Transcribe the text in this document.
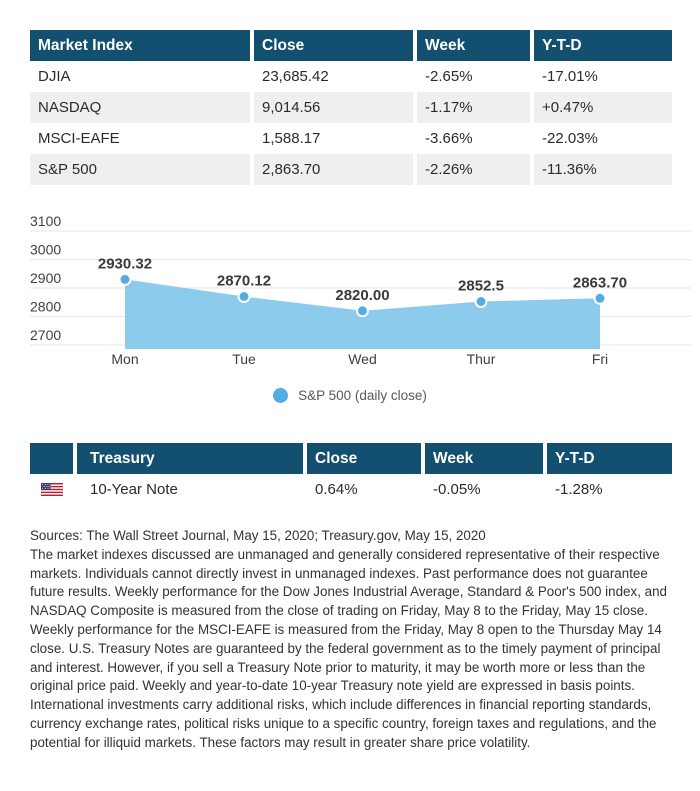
Market Index	Close	Week	Y-T-D
DJIA	23,685.42	-2.65%	-17.01%
NASDAQ	9,014.56	-1.17%	+0.47%
MSCI-EAFE	1,588.17	-3.66%	-22.03%
S&P 500	2,863.70	-2.26%	-11.36%
3100
3000
2900
2800
2700
2930.32
Mon
2870.12
Tue
2820.00
Wed
2852.5
Thur
2863.70
Fri
S&P 500 (daily close)
Treasury	Close	Week	Y-T-D
10-Year Note	0.64%	-0.05%	-1.28%
Sources: The Wall Street Journal, May 15, 2020; Treasury.gov, May 15, 2020
The market indexes discussed are unmanaged and generally considered representative of their respective markets. Individuals cannot directly invest in unmanaged indexes. Past performance does not guarantee future results. Weekly performance for the Dow Jones Industrial Average, Standard & Poor's 500 index, and NASDAQ Composite is measured from the close of trading on Friday, May 8 to the Friday, May 15 close. Weekly performance for the MSCI-EAFE is measured from the Friday, May 8 open to the Thursday May 14 close. U.S. Treasury Notes are guaranteed by the federal government as to the timely payment of principal and interest. However, if you sell a Treasury Note prior to maturity, it may be worth more or less than the original price paid. Weekly and year-to-date 10-year Treasury note yield are expressed in basis points. International investments carry additional risks, which include differences in financial reporting standards, currency exchange rates, political risks unique to a specific country, foreign taxes and regulations, and the potential for illiquid markets. These factors may result in greater share price volatility.
